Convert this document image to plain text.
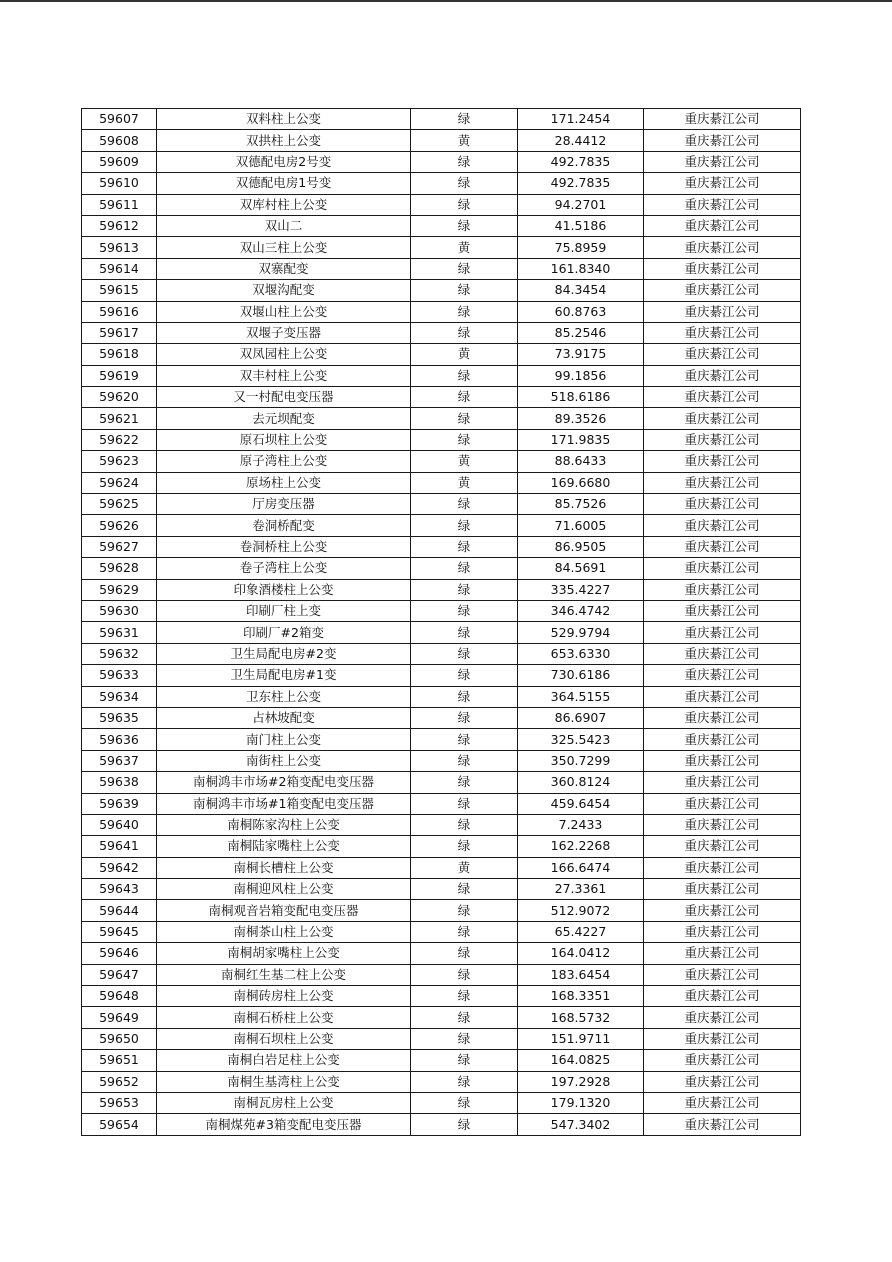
59607	双料柱上公变	绿	171.2454	重庆綦江公司
59608	双拱柱上公变	黄	28.4412	重庆綦江公司
59609	双德配电房2号变	绿	492.7835	重庆綦江公司
59610	双德配电房1号变	绿	492.7835	重庆綦江公司
59611	双库村柱上公变	绿	94.2701	重庆綦江公司
59612	双山二	绿	41.5186	重庆綦江公司
59613	双山三柱上公变	黄	75.8959	重庆綦江公司
59614	双寨配变	绿	161.8340	重庆綦江公司
59615	双堰沟配变	绿	84.3454	重庆綦江公司
59616	双堰山柱上公变	绿	60.8763	重庆綦江公司
59617	双堰子变压器	绿	85.2546	重庆綦江公司
59618	双凤园柱上公变	黄	73.9175	重庆綦江公司
59619	双丰村柱上公变	绿	99.1856	重庆綦江公司
59620	又一村配电变压器	绿	518.6186	重庆綦江公司
59621	去元坝配变	绿	89.3526	重庆綦江公司
59622	原石坝柱上公变	绿	171.9835	重庆綦江公司
59623	原子湾柱上公变	黄	88.6433	重庆綦江公司
59624	原场柱上公变	黄	169.6680	重庆綦江公司
59625	厅房变压器	绿	85.7526	重庆綦江公司
59626	卷洞桥配变	绿	71.6005	重庆綦江公司
59627	卷洞桥柱上公变	绿	86.9505	重庆綦江公司
59628	卷子湾柱上公变	绿	84.5691	重庆綦江公司
59629	印象酒楼柱上公变	绿	335.4227	重庆綦江公司
59630	印刷厂柱上变	绿	346.4742	重庆綦江公司
59631	印刷厂#2箱变	绿	529.9794	重庆綦江公司
59632	卫生局配电房#2变	绿	653.6330	重庆綦江公司
59633	卫生局配电房#1变	绿	730.6186	重庆綦江公司
59634	卫东柱上公变	绿	364.5155	重庆綦江公司
59635	占林坡配变	绿	86.6907	重庆綦江公司
59636	南门柱上公变	绿	325.5423	重庆綦江公司
59637	南街柱上公变	绿	350.7299	重庆綦江公司
59638	南桐鸿丰市场#2箱变配电变压器	绿	360.8124	重庆綦江公司
59639	南桐鸿丰市场#1箱变配电变压器	绿	459.6454	重庆綦江公司
59640	南桐陈家沟柱上公变	绿	7.2433	重庆綦江公司
59641	南桐陆家嘴柱上公变	绿	162.2268	重庆綦江公司
59642	南桐长槽柱上公变	黄	166.6474	重庆綦江公司
59643	南桐迎风柱上公变	绿	27.3361	重庆綦江公司
59644	南桐观音岩箱变配电变压器	绿	512.9072	重庆綦江公司
59645	南桐茶山柱上公变	绿	65.4227	重庆綦江公司
59646	南桐胡家嘴柱上公变	绿	164.0412	重庆綦江公司
59647	南桐红生基二柱上公变	绿	183.6454	重庆綦江公司
59648	南桐砖房柱上公变	绿	168.3351	重庆綦江公司
59649	南桐石桥柱上公变	绿	168.5732	重庆綦江公司
59650	南桐石坝柱上公变	绿	151.9711	重庆綦江公司
59651	南桐白岩足柱上公变	绿	164.0825	重庆綦江公司
59652	南桐生基湾柱上公变	绿	197.2928	重庆綦江公司
59653	南桐瓦房柱上公变	绿	179.1320	重庆綦江公司
59654	南桐煤苑#3箱变配电变压器	绿	547.3402	重庆綦江公司
